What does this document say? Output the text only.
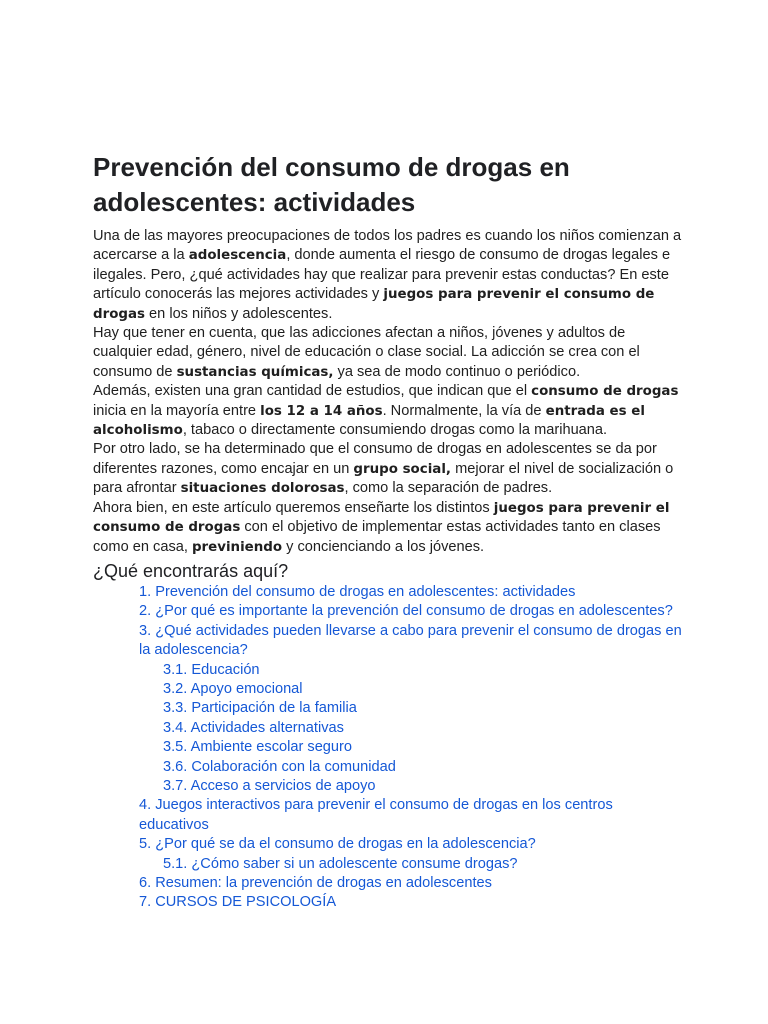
Prevención del consumo de drogas en adolescentes: actividades

Una de las mayores preocupaciones de todos los padres es cuando los niños comienzan a acercarse a la adolescencia, donde aumenta el riesgo de consumo de drogas legales e ilegales. Pero, ¿qué actividades hay que realizar para prevenir estas conductas? En este artículo conocerás las mejores actividades y juegos para prevenir el consumo de drogas en los niños y adolescentes.

Hay que tener en cuenta, que las adicciones afectan a niños, jóvenes y adultos de cualquier edad, género, nivel de educación o clase social. La adicción se crea con el consumo de sustancias químicas, ya sea de modo continuo o periódico.

Además, existen una gran cantidad de estudios, que indican que el consumo de drogas inicia en la mayoría entre los 12 a 14 años. Normalmente, la vía de entrada es el alcoholismo, tabaco o directamente consumiendo drogas como la marihuana.

Por otro lado, se ha determinado que el consumo de drogas en adolescentes se da por diferentes razones, como encajar en un grupo social, mejorar el nivel de socialización o para afrontar situaciones dolorosas, como la separación de padres.

Ahora bien, en este artículo queremos enseñarte los distintos juegos para prevenir el consumo de drogas con el objetivo de implementar estas actividades tanto en clases como en casa, previniendo y concienciando a los jóvenes.

¿Qué encontrarás aquí?
1. Prevención del consumo de drogas en adolescentes: actividades
2. ¿Por qué es importante la prevención del consumo de drogas en adolescentes?
3. ¿Qué actividades pueden llevarse a cabo para prevenir el consumo de drogas en la adolescencia?
3.1. Educación
3.2. Apoyo emocional
3.3. Participación de la familia
3.4. Actividades alternativas
3.5. Ambiente escolar seguro
3.6. Colaboración con la comunidad
3.7. Acceso a servicios de apoyo
4. Juegos interactivos para prevenir el consumo de drogas en los centros educativos
5. ¿Por qué se da el consumo de drogas en la adolescencia?
5.1. ¿Cómo saber si un adolescente consume drogas?
6. Resumen: la prevención de drogas en adolescentes
7. CURSOS DE PSICOLOGÍA
